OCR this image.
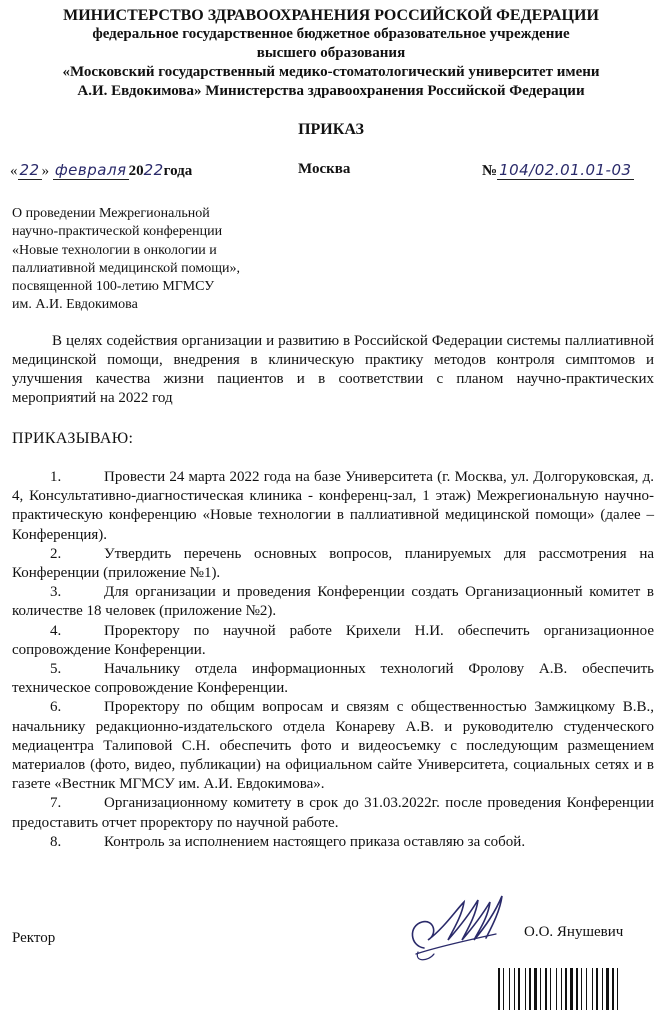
МИНИСТЕРСТВО ЗДРАВООХРАНЕНИЯ РОССИЙСКОЙ ФЕДЕРАЦИИ
федеральное государственное бюджетное образовательное учреждение
высшего образования
«Московский государственный медико-стоматологический университет имени
А.И. Евдокимова» Министерства здравоохранения Российской Федерации
ПРИКАЗ
« 22 » февраля 2022года	Москва	№ 104/02.01.01-03
О проведении Межрегиональной
научно-практической конференции
«Новые технологии в онкологии и
паллиативной медицинской помощи»,
посвященной 100-летию МГМСУ
им. А.И. Евдокимова
В целях содействия организации и развитию в Российской Федерации системы паллиативной медицинской помощи, внедрения в клиническую практику методов контроля симптомов и улучшения качества жизни пациентов и в соответствии с планом научно-практических мероприятий на 2022 год
ПРИКАЗЫВАЮ:

1.	Провести 24 марта 2022 года на базе Университета (г. Москва, ул. Долгоруковская, д. 4, Консультативно-диагностическая клиника - конференц-зал, 1 этаж) Межрегиональную научно-практическую конференцию «Новые технологии в паллиативной медицинской помощи» (далее – Конференция).

2.	Утвердить перечень основных вопросов, планируемых для рассмотрения на Конференции (приложение №1).

3.	Для организации и проведения Конференции создать Организационный комитет в количестве 18 человек (приложение №2).

4.	Проректору по научной работе Крихели Н.И. обеспечить организационное сопровождение Конференции.

5.	Начальнику отдела информационных технологий Фролову А.В. обеспечить техническое сопровождение Конференции.

6.	Проректору по общим вопросам и связям с общественностью Замжицкому В.В., начальнику редакционно-издательского отдела Конареву А.В. и руководителю студенческого медиацентра Талиповой С.Н. обеспечить фото и видеосъемку с последующим размещением материалов (фото, видео, публикации) на официальном сайте Университета, социальных сетях и в газете «Вестник МГМСУ им. А.И. Евдокимова».

7.	Организационному комитету в срок до 31.03.2022г. после проведения Конференции предоставить отчет проректору по научной работе.

8.	Контроль за исполнением настоящего приказа оставляю за собой.

Ректор	О.О. Янушевич
